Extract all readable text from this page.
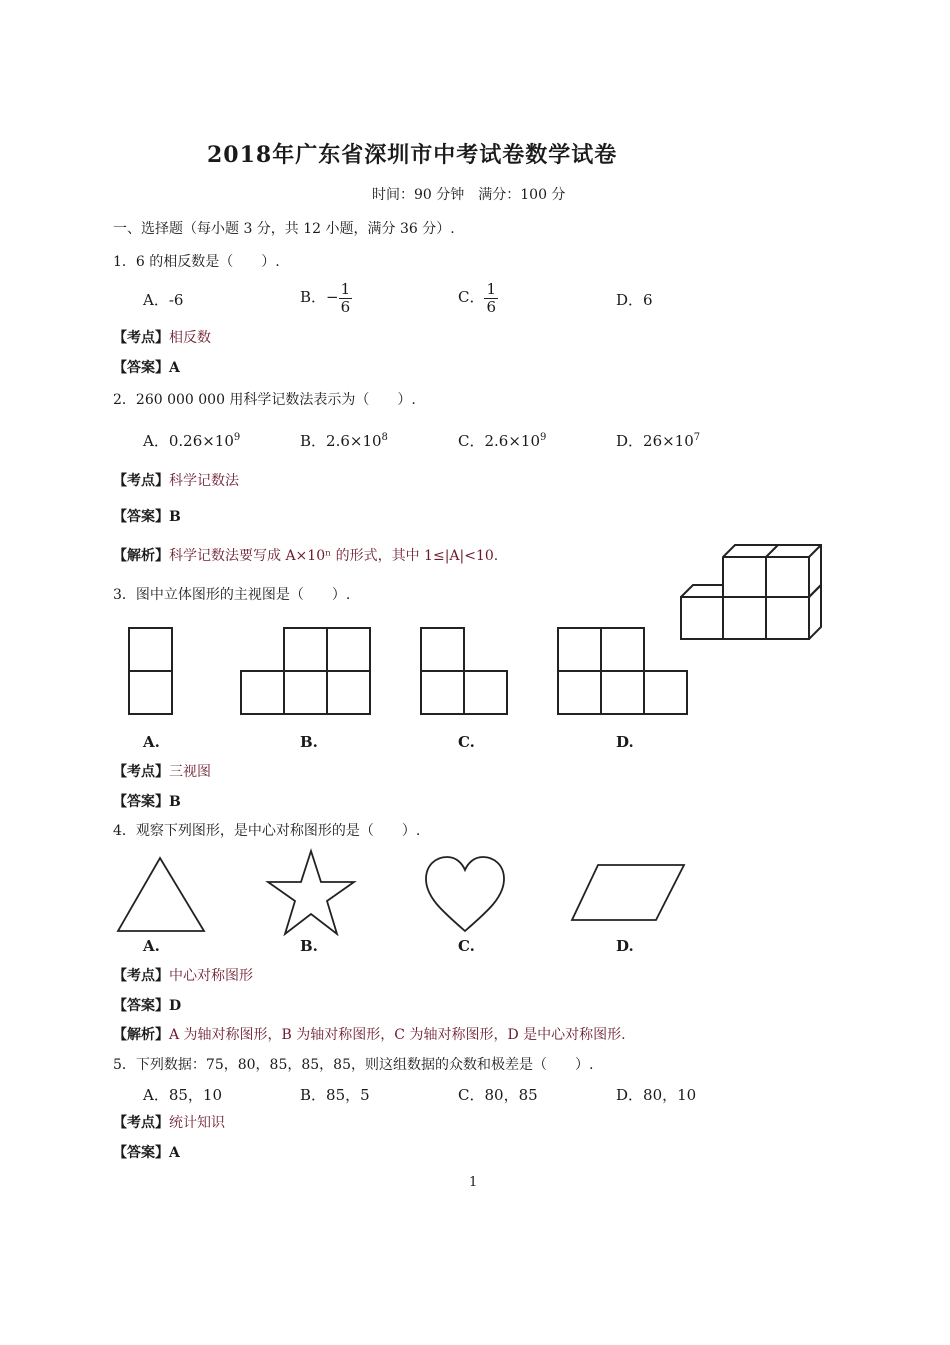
2018年广东省深圳市中考试卷数学试卷
时间：90 分钟　满分：100 分
一、选择题（每小题 3 分，共 12 小题，满分 36 分）.
1．6 的相反数是（　　）.
A．-6	B．− $\frac{1}{6}$	C． $\frac{1}{6}$	D．6
【考点】相反数
【答案】A
2．260 000 000 用科学记数法表示为（　　）.
A．$0.26\times 10^9$	B．$2.6\times 10^8$	C．$2.6\times 10^9$	D．$26\times 10^7$
【考点】科学记数法
【答案】B
【解析】科学记数法要写成 A×10ⁿ 的形式，其中 1≤|A|<10.
3．图中立体图形的主视图是（　　）.
A.	B.	C.	D.
【考点】三视图
【答案】B
4．观察下列图形，是中心对称图形的是（　　）.
A.	B.	C.	D.
【考点】中心对称图形
【答案】D
【解析】A 为轴对称图形，B 为轴对称图形，C 为轴对称图形，D 是中心对称图形.
5．下列数据：75，80，85，85，85，则这组数据的众数和极差是（　　）.
A．85，10	B．85，5	C．80，85	D．80，10
【考点】统计知识
【答案】A
1
